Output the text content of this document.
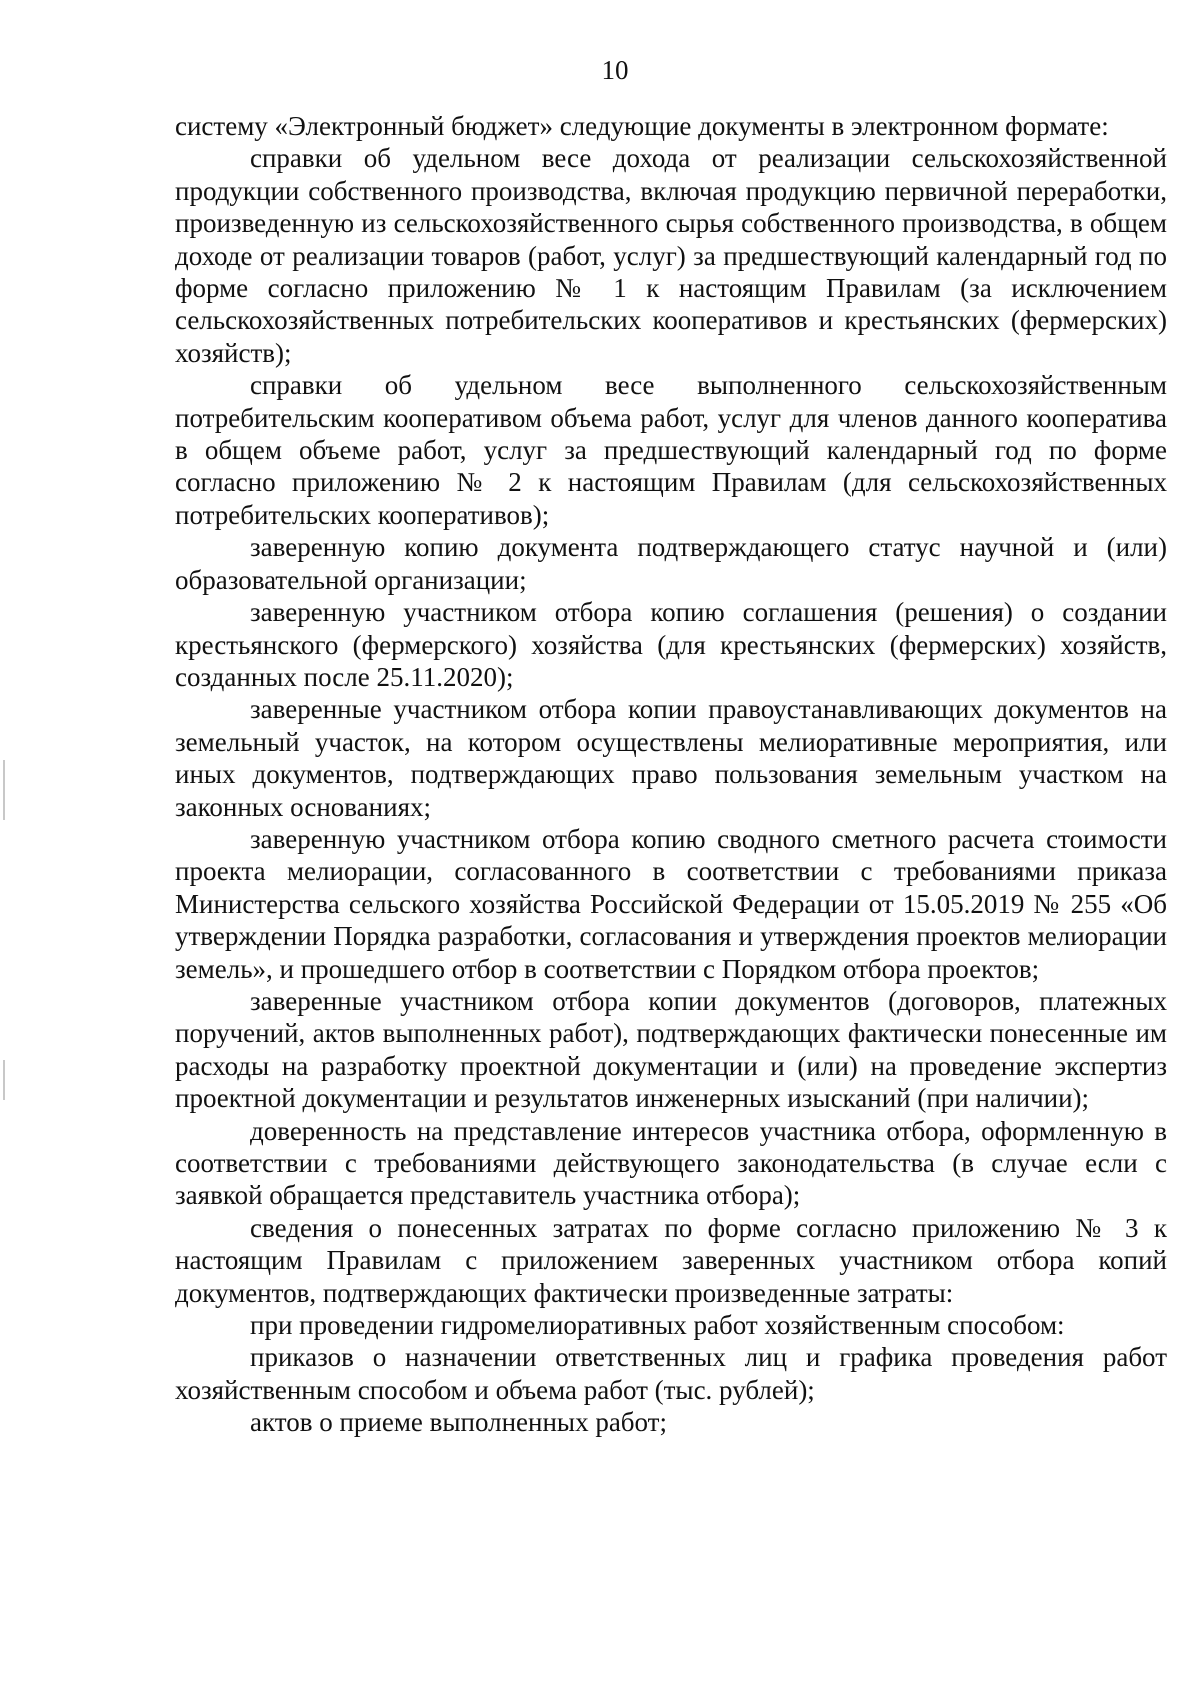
10

систему «Электронный бюджет» следующие документы в электронном формате:

справки об удельном весе дохода от реализации сельскохозяйственной продукции собственного производства, включая продукцию первичной переработки, произведенную из сельскохозяйственного сырья собственного производства, в общем доходе от реализации товаров (работ, услуг) за предшествующий календарный год по форме согласно приложению № 1 к настоящим Правилам (за исключением сельскохозяйственных потребительских кооперативов и крестьянских (фермерских) хозяйств);

справки об удельном весе выполненного сельскохозяйственным потребительским кооперативом объема работ, услуг для членов данного кооператива в общем объеме работ, услуг за предшествующий календарный год по форме согласно приложению № 2 к настоящим Правилам (для сельскохозяйственных потребительских кооперативов);

заверенную копию документа подтверждающего статус научной и (или) образовательной организации;

заверенную участником отбора копию соглашения (решения) о создании крестьянского (фермерского) хозяйства (для крестьянских (фермерских) хозяйств, созданных после 25.11.2020);

заверенные участником отбора копии правоустанавливающих документов на земельный участок, на котором осуществлены мелиоративные мероприятия, или иных документов, подтверждающих право пользования земельным участком на законных основаниях;

заверенную участником отбора копию сводного сметного расчета стоимости проекта мелиорации, согласованного в соответствии с требованиями приказа Министерства сельского хозяйства Российской Федерации от 15.05.2019 № 255 «Об утверждении Порядка разработки, согласования и утверждения проектов мелиорации земель», и прошедшего отбор в соответствии с Порядком отбора проектов;

заверенные участником отбора копии документов (договоров, платежных поручений, актов выполненных работ), подтверждающих фактически понесенные им расходы на разработку проектной документации и (или) на проведение экспертиз проектной документации и результатов инженерных изысканий (при наличии);

доверенность на представление интересов участника отбора, оформленную в соответствии с требованиями действующего законодательства (в случае если с заявкой обращается представитель участника отбора);

сведения о понесенных затратах по форме согласно приложению № 3 к настоящим Правилам с приложением заверенных участником отбора копий документов, подтверждающих фактически произведенные затраты:

при проведении гидромелиоративных работ хозяйственным способом:

приказов о назначении ответственных лиц и графика проведения работ хозяйственным способом и объема работ (тыс. рублей);

актов о приеме выполненных работ;
